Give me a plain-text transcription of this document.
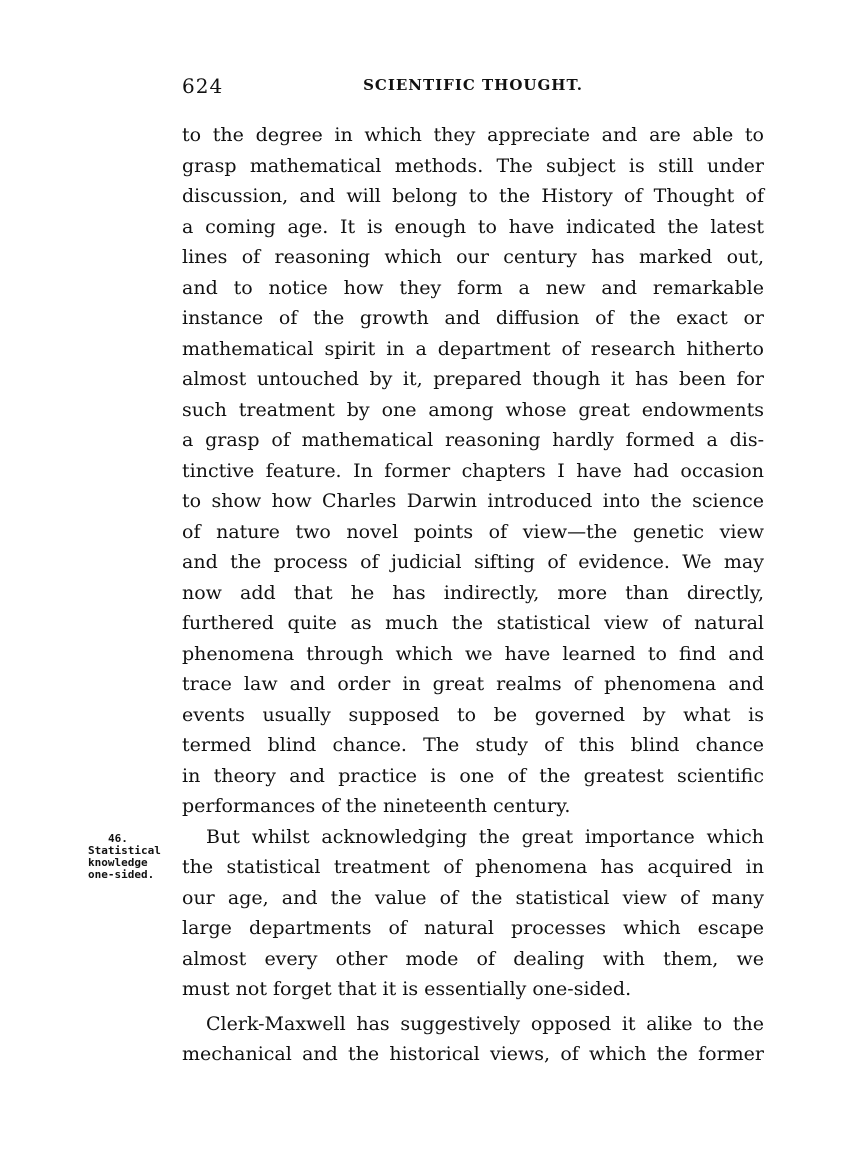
624	SCIENTIFIC THOUGHT.
46.
Statistical
knowledge
one-sided.
to the degree in which they appreciate and are able to
grasp mathematical methods. The subject is still under
discussion, and will belong to the History of Thought of
a coming age. It is enough to have indicated the latest
lines of reasoning which our century has marked out,
and to notice how they form a new and remarkable
instance of the growth and diffusion of the exact or
mathematical spirit in a department of research hitherto
almost untouched by it, prepared though it has been for
such treatment by one among whose great endowments
a grasp of mathematical reasoning hardly formed a dis-
tinctive feature. In former chapters I have had occasion
to show how Charles Darwin introduced into the science
of nature two novel points of view—the genetic view
and the process of judicial sifting of evidence. We may
now add that he has indirectly, more than directly,
furthered quite as much the statistical view of natural
phenomena through which we have learned to find and
trace law and order in great realms of phenomena and
events usually supposed to be governed by what is
termed blind chance. The study of this blind chance
in theory and practice is one of the greatest scientific
performances of the nineteenth century.
But whilst acknowledging the great importance which
the statistical treatment of phenomena has acquired in
our age, and the value of the statistical view of many
large departments of natural processes which escape
almost every other mode of dealing with them, we
must not forget that it is essentially one-sided.
Clerk-Maxwell has suggestively opposed it alike to the
mechanical and the historical views, of which the former
